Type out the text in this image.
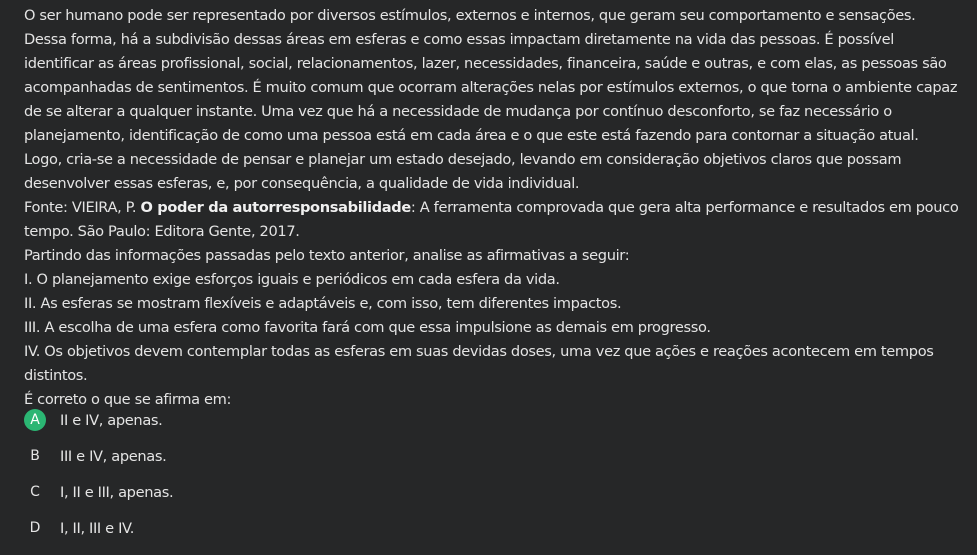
O ser humano pode ser representado por diversos estímulos, externos e internos, que geram seu comportamento e sensações. Dessa forma, há a subdivisão dessas áreas em esferas e como essas impactam diretamente na vida das pessoas. É possível identificar as áreas profissional, social, relacionamentos, lazer, necessidades, financeira, saúde e outras, e com elas, as pessoas são acompanhadas de sentimentos. É muito comum que ocorram alterações nelas por estímulos externos, o que torna o ambiente capaz de se alterar a qualquer instante. Uma vez que há a necessidade de mudança por contínuo desconforto, se faz necessário o planejamento, identificação de como uma pessoa está em cada área e o que este está fazendo para contornar a situação atual. Logo, cria-se a necessidade de pensar e planejar um estado desejado, levando em consideração objetivos claros que possam desenvolver essas esferas, e, por consequência, a qualidade de vida individual.

Fonte: VIEIRA, P. O poder da autorresponsabilidade: A ferramenta comprovada que gera alta performance e resultados em pouco tempo. São Paulo: Editora Gente, 2017.

Partindo das informações passadas pelo texto anterior, analise as afirmativas a seguir:

I. O planejamento exige esforços iguais e periódicos em cada esfera da vida.

II. As esferas se mostram flexíveis e adaptáveis e, com isso, tem diferentes impactos.

III. A escolha de uma esfera como favorita fará com que essa impulsione as demais em progresso.

IV. Os objetivos devem contemplar todas as esferas em suas devidas doses, uma vez que ações e reações acontecem em tempos distintos.

É correto o que se afirma em:

A	II e IV, apenas.
B	III e IV, apenas.
C	I, II e III, apenas.
D	I, II, III e IV.
